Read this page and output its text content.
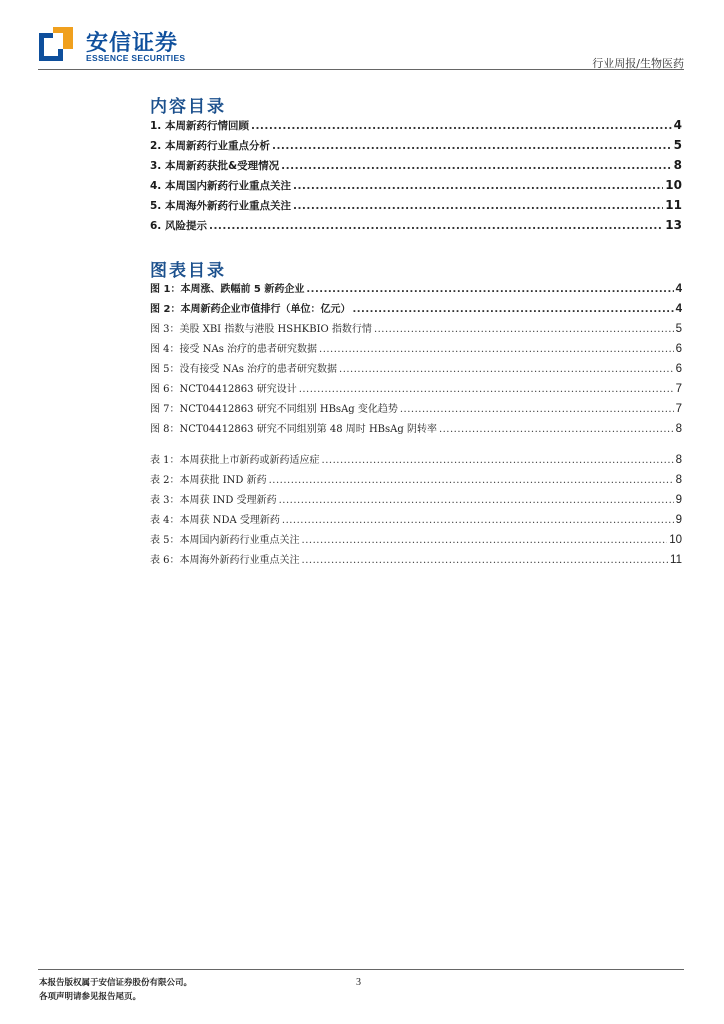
安信证券
ESSENCE SECURITIES	行业周报/生物医药
内容目录
1. 本周新药行情回顾 .....	4
2. 本周新药行业重点分析 .....	5
3. 本周新药获批&受理情况 .....	8
4. 本周国内新药行业重点关注 .....	10
5. 本周海外新药行业重点关注 .....	11
6. 风险提示 .....	13
图表目录
图 1：本周涨、跌幅前 5 新药企业 .....	4
图 2：本周新药企业市值排行（单位：亿元） .....	4
图 3：美股 XBI 指数与港股 HSHKBIO 指数行情 .....	5
图 4：接受 NAs 治疗的患者研究数据 .....	6
图 5：没有接受 NAs 治疗的患者研究数据 .....	6
图 6：NCT04412863 研究设计 .....	7
图 7：NCT04412863 研究不同组别 HBsAg 变化趋势 .....	7
图 8：NCT04412863 研究不同组别第 48 周时 HBsAg 阴转率 .....	8
表 1：本周获批上市新药或新药适应症 .....	8
表 2：本周获批 IND 新药 .....	8
表 3：本周获 IND 受理新药 .....	9
表 4：本周获 NDA 受理新药 .....	9
表 5：本周国内新药行业重点关注 .....	10
表 6：本周海外新药行业重点关注 .....	11
本报告版权属于安信证券股份有限公司。
各项声明请参见报告尾页。
3
